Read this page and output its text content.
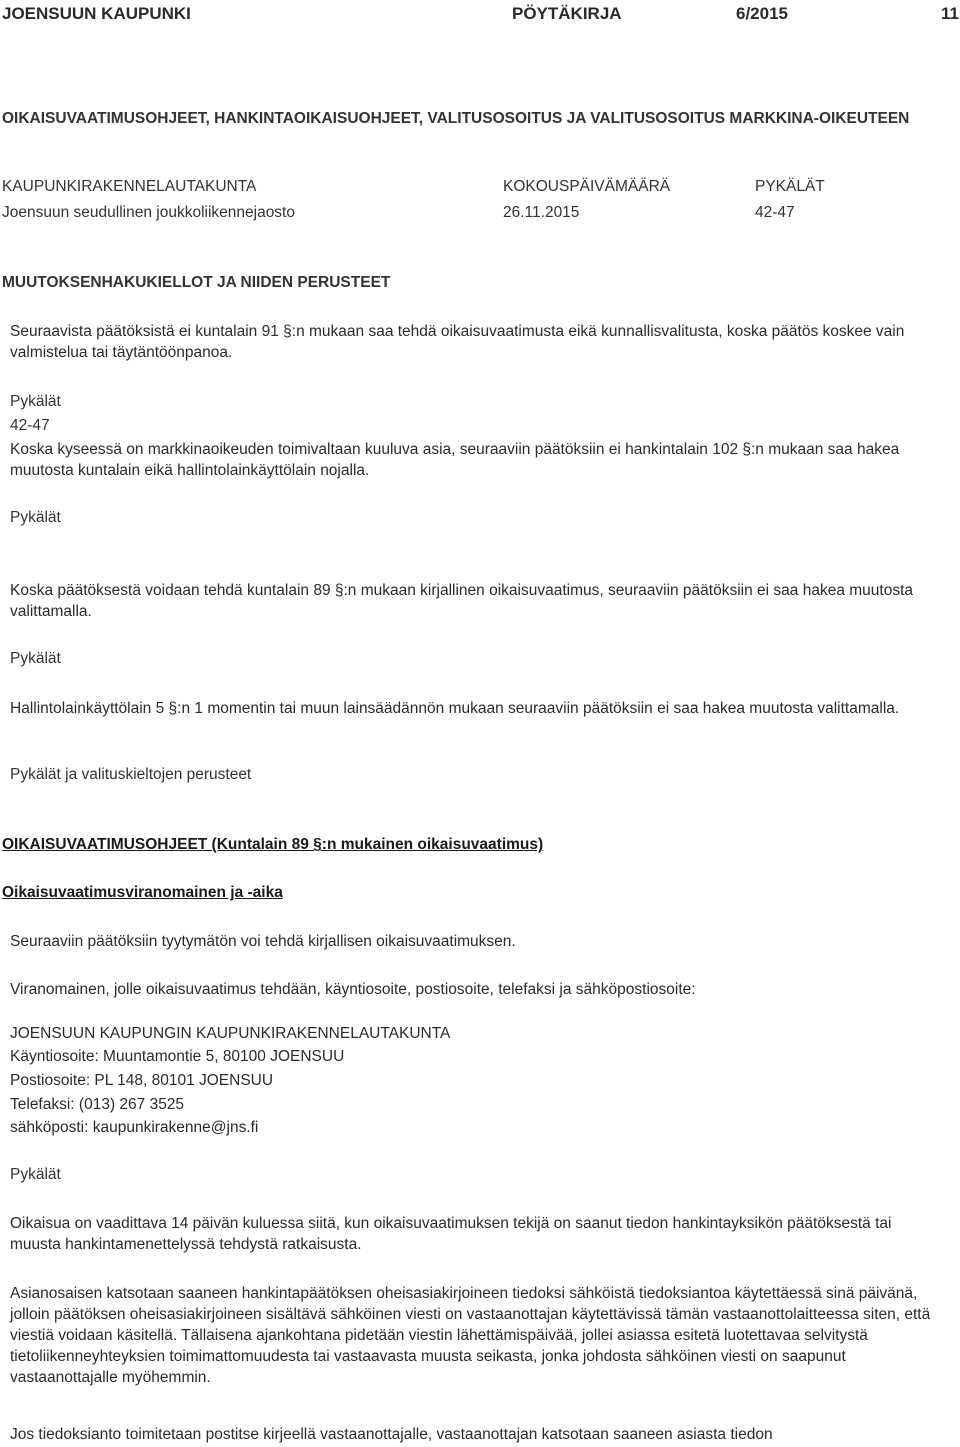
JOENSUUN KAUPUNKI	PÖYTÄKIRJA	6/2015	11
OIKAISUVAATIMUSOHJEET, HANKINTAOIKAISUOHJEET, VALITUSOSOITUS JA VALITUSOSOITUS MARKKINA-OIKEUTEEN
KAUPUNKIRAKENNELAUTAKUNTA	KOKOUSPÄIVÄMÄÄRÄ	PYKÄLÄT
Joensuun seudullinen joukkoliikennejaosto	26.11.2015	42-47
MUUTOKSENHAKUKIELLOT JA NIIDEN PERUSTEET
Seuraavista päätöksistä ei kuntalain 91 §:n mukaan saa tehdä oikaisuvaatimusta eikä kunnallisvalitusta, koska päätös koskee vain valmistelua tai täytäntöönpanoa.
Pykälät
42-47
Koska kyseessä on markkinaoikeuden toimivaltaan kuuluva asia, seuraaviin päätöksiin ei hankintalain 102 §:n mukaan saa hakea muutosta kuntalain eikä hallintolainkäyttölain nojalla.
Pykälät
Koska päätöksestä voidaan tehdä kuntalain 89 §:n mukaan kirjallinen oikaisuvaatimus, seuraaviin päätöksiin ei saa hakea muutosta valittamalla.
Pykälät
Hallintolainkäyttölain 5 §:n 1 momentin tai muun lainsäädännön mukaan seuraaviin päätöksiin ei saa hakea muutosta valittamalla.
Pykälät ja valituskieltojen perusteet
OIKAISUVAATIMUSOHJEET (Kuntalain 89 §:n mukainen oikaisuvaatimus)
Oikaisuvaatimusviranomainen ja -aika
Seuraaviin päätöksiin tyytymätön voi tehdä kirjallisen oikaisuvaatimuksen.
Viranomainen, jolle oikaisuvaatimus tehdään, käyntiosoite, postiosoite, telefaksi ja sähköpostiosoite:
JOENSUUN KAUPUNGIN KAUPUNKIRAKENNELAUTAKUNTA
Käyntiosoite: Muuntamontie 5, 80100 JOENSUU
Postiosoite: PL 148, 80101 JOENSUU
Telefaksi: (013) 267 3525
sähköposti: kaupunkirakenne@jns.fi
Pykälät
Oikaisua on vaadittava 14 päivän kuluessa siitä, kun oikaisuvaatimuksen tekijä on saanut tiedon hankintayksikön päätöksestä tai muusta hankintamenettelyssä tehdystä ratkaisusta.
Asianosaisen katsotaan saaneen hankintapäätöksen oheisasiakirjoineen tiedoksi sähköistä tiedoksiantoa käytettäessä sinä päivänä, jolloin päätöksen oheisasiakirjoineen sisältävä sähköinen viesti on vastaanottajan käytettävissä tämän vastaanottolaitteessa siten, että viestiä voidaan käsitellä. Tällaisena ajankohtana pidetään viestin lähettämispäivää, jollei asiassa esitetä luotettavaa selvitystä tietoliikenneyhteyksien toimimattomuudesta tai vastaavasta muusta seikasta, jonka johdosta sähköinen viesti on saapunut vastaanottajalle myöhemmin.
Jos tiedoksianto toimitetaan postitse kirjeellä vastaanottajalle, vastaanottajan katsotaan saaneen asiasta tiedon
